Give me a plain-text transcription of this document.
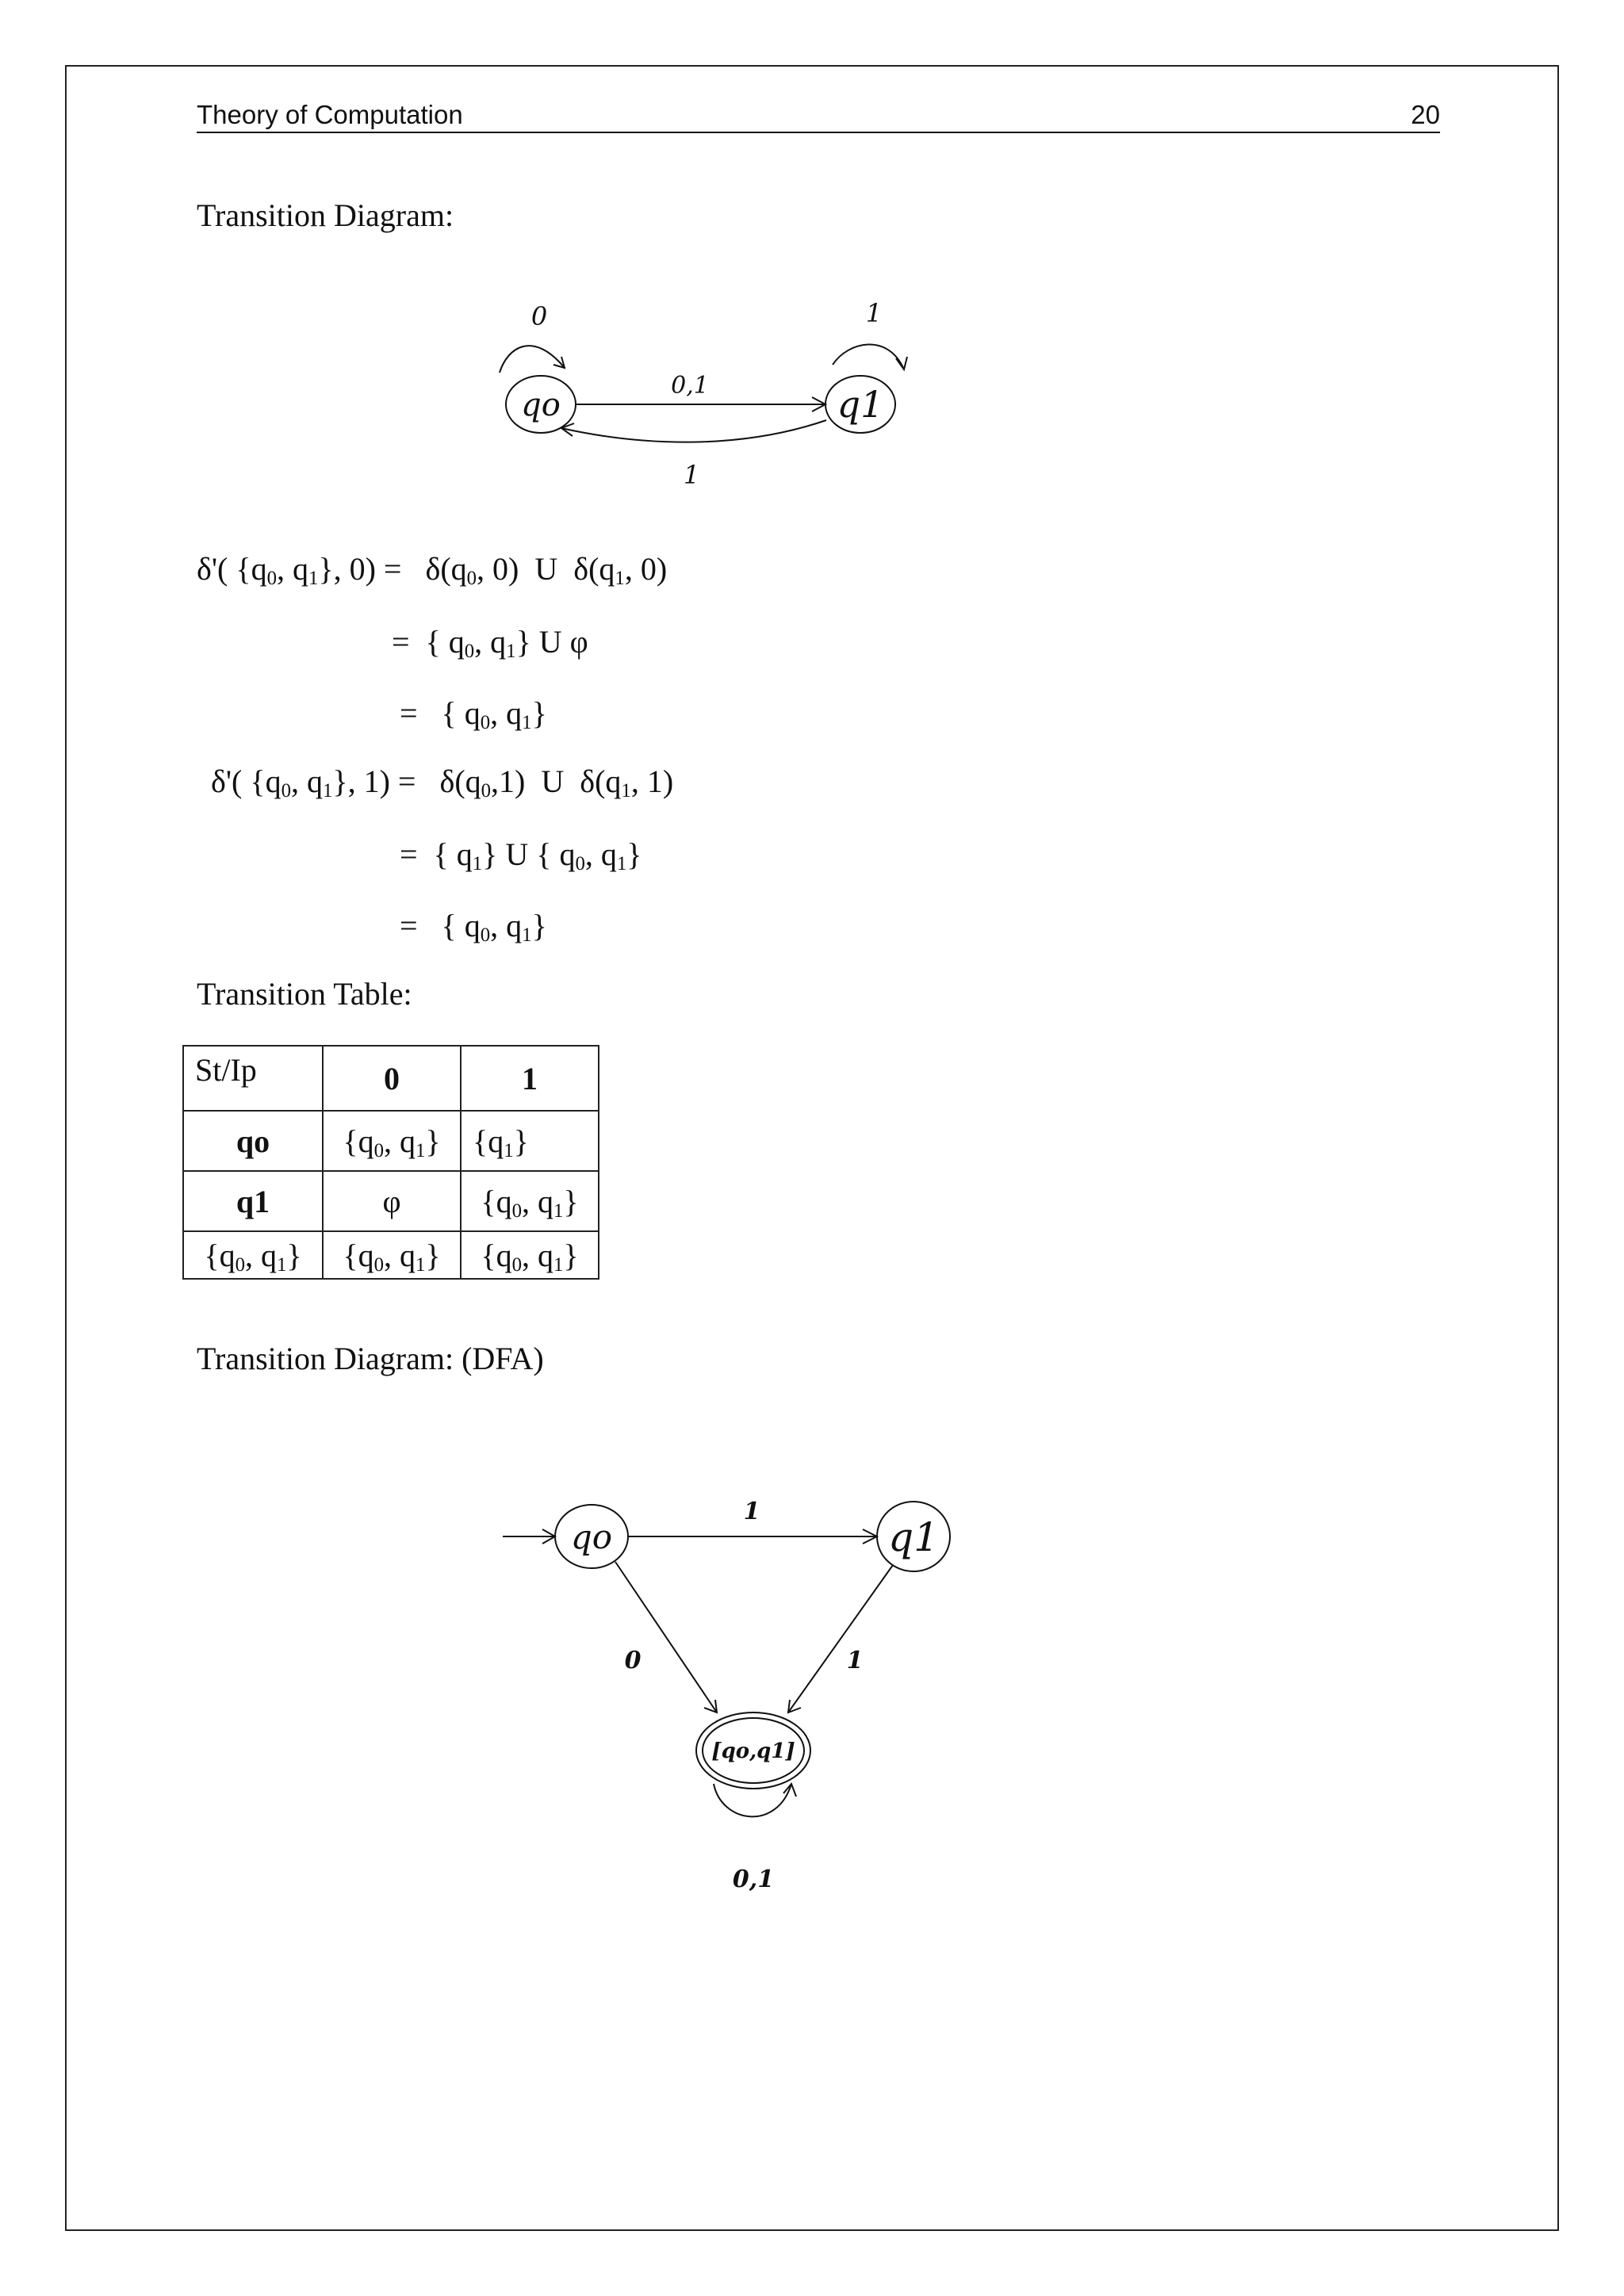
Theory of Computation	20
Transition Diagram:
qo	q1
0
0,1
1
1
δ'( {$q_0$, $q_1$}, $0) = \delta(q_0$, 0)  U  $\delta(q_1$, 0)
=  { $q_0$, $q_1$} U φ
=   { $q_0$, $q_1$}
δ'( {$q_0$, $q_1$}, $1) = \delta(q_0,1)$  U  $\delta(q_1$, 1)
=  { $q_1$} U { $q_0$, $q_1$}
=   { $q_0$, $q_1$}
Transition Table:
St/Ip	0	1
qo	{$q_0$, $q_1$}	$\{q_1\}$
q1	φ	{$q_0$, $q_1$}
{$q_0$, $q_1$}	{$q_0$, $q_1$}	{$q_0$, $q_1$}
Transition Diagram: (DFA)
qo	q1
[qo,q1]
1
0	1
0,1
